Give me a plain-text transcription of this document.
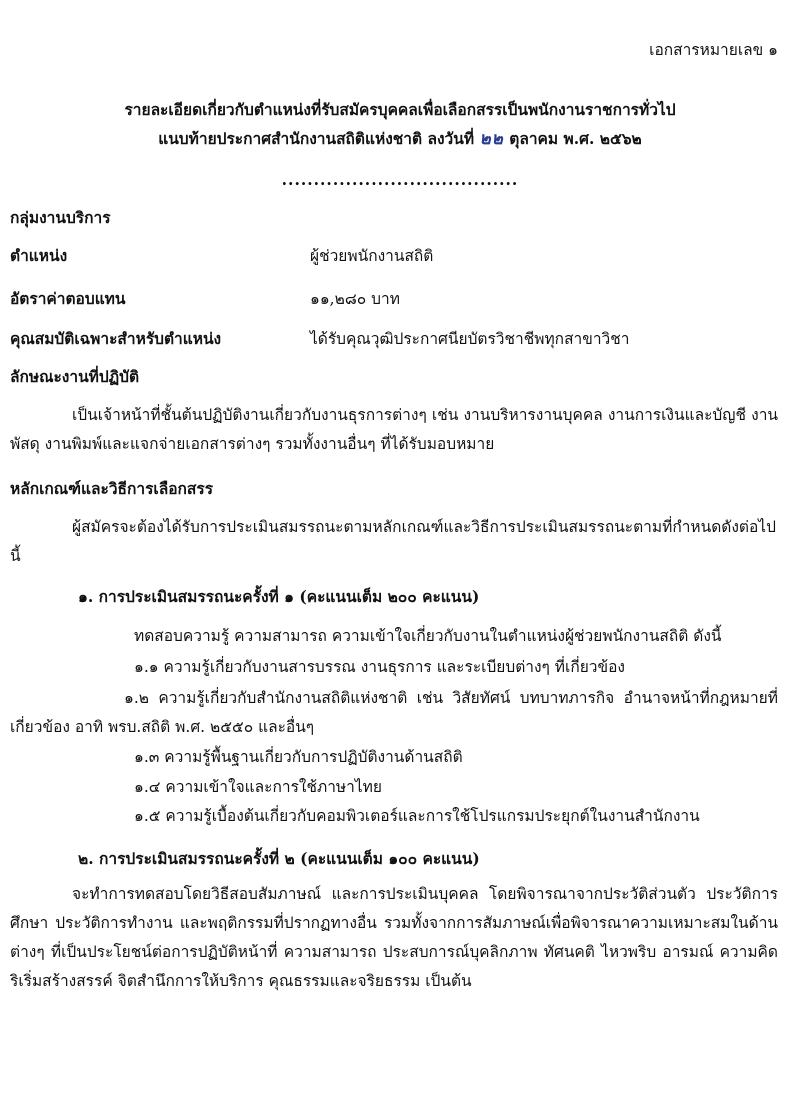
เอกสารหมายเลข ๑
รายละเอียดเกี่ยวกับตำแหน่งที่รับสมัครบุคคลเพื่อเลือกสรรเป็นพนักงานราชการทั่วไป
แนบท้ายประกาศสำนักงานสถิติแห่งชาติ ลงวันที่ ๒๒ ตุลาคม พ.ศ. ๒๕๖๒
.....................................
กลุ่มงานบริการ
ตำแหน่ง	ผู้ช่วยพนักงานสถิติ
อัตราค่าตอบแทน	๑๑,๒๘๐ บาท
คุณสมบัติเฉพาะสำหรับตำแหน่ง	ได้รับคุณวุฒิประกาศนียบัตรวิชาชีพทุกสาขาวิชา
ลักษณะงานที่ปฏิบัติ
เป็นเจ้าหน้าที่ชั้นต้นปฏิบัติงานเกี่ยวกับงานธุรการต่างๆ เช่น งานบริหารงานบุคคล งานการเงินและบัญชี งานพัสดุ งานพิมพ์และแจกจ่ายเอกสารต่างๆ รวมทั้งงานอื่นๆ ที่ได้รับมอบหมาย
หลักเกณฑ์และวิธีการเลือกสรร
ผู้สมัครจะต้องได้รับการประเมินสมรรถนะตามหลักเกณฑ์และวิธีการประเมินสมรรถนะตามที่กำหนดดังต่อไปนี้
๑. การประเมินสมรรถนะครั้งที่ ๑ (คะแนนเต็ม ๒๐๐ คะแนน)
ทดสอบความรู้ ความสามารถ ความเข้าใจเกี่ยวกับงานในตำแหน่งผู้ช่วยพนักงานสถิติ ดังนี้
๑.๑ ความรู้เกี่ยวกับงานสารบรรณ งานธุรการ และระเบียบต่างๆ ที่เกี่ยวข้อง
๑.๒ ความรู้เกี่ยวกับสำนักงานสถิติแห่งชาติ เช่น วิสัยทัศน์ บทบาทภารกิจ อำนาจหน้าที่กฎหมายที่เกี่ยวข้อง อาทิ พรบ.สถิติ พ.ศ. ๒๕๕๐ และอื่นๆ
๑.๓ ความรู้พื้นฐานเกี่ยวกับการปฏิบัติงานด้านสถิติ
๑.๔ ความเข้าใจและการใช้ภาษาไทย
๑.๕ ความรู้เบื้องต้นเกี่ยวกับคอมพิวเตอร์และการใช้โปรแกรมประยุกต์ในงานสำนักงาน
๒. การประเมินสมรรถนะครั้งที่ ๒ (คะแนนเต็ม ๑๐๐ คะแนน)
จะทำการทดสอบโดยวิธีสอบสัมภาษณ์ และการประเมินบุคคล โดยพิจารณาจากประวัติส่วนตัว ประวัติการศึกษา ประวัติการทำงาน และพฤติกรรมที่ปรากฏทางอื่น รวมทั้งจากการสัมภาษณ์เพื่อพิจารณาความเหมาะสมในด้านต่างๆ ที่เป็นประโยชน์ต่อการปฏิบัติหน้าที่ ความสามารถ ประสบการณ์บุคลิกภาพ ทัศนคติ ไหวพริบ อารมณ์ ความคิดริเริ่มสร้างสรรค์ จิตสำนึกการให้บริการ คุณธรรมและจริยธรรม เป็นต้น
